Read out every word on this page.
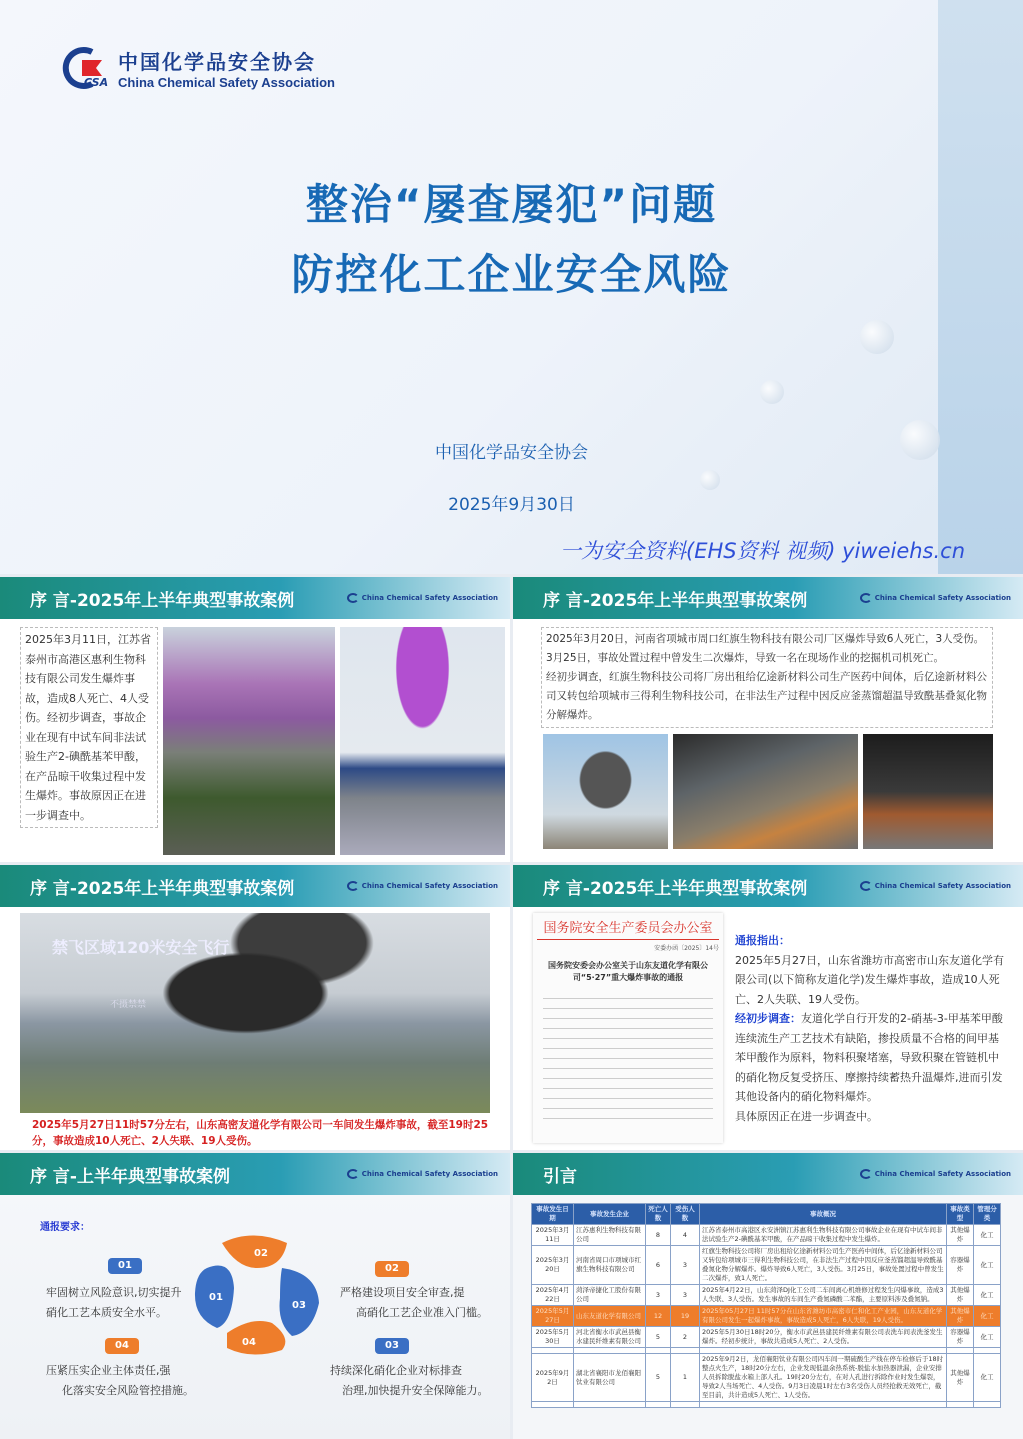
CSA
中国化学品安全协会
China Chemical Safety Association
整治“屡查屡犯”问题
防控化工企业安全风险
中国化学品安全协会
2025年9月30日
序 言-2025年上半年典型事故案例	China Chemical Safety Association
2025年3月11日，江苏省泰州市高港区惠利生物科技有限公司发生爆炸事故，造成8人死亡、4人受伤。经初步调查，事故企业在现有中试车间非法试验生产2-碘酰基苯甲酸，在产品晾干收集过程中发生爆炸。事故原因正在进一步调查中。
序 言-2025年上半年典型事故案例	China Chemical Safety Association
2025年3月20日，河南省项城市周口红旗生物科技有限公司厂区爆炸导致6人死亡，3人受伤。3月25日，事故处置过程中曾发生二次爆炸，导致一名在现场作业的挖掘机司机死亡。
经初步调查，红旗生物科技公司将厂房出租给亿途新材料公司生产医药中间体，后亿途新材料公司又转包给项城市三得利生物科技公司，在非法生产过程中因反应釜蒸馏超温导致酰基叠氮化物分解爆炸。
序 言-2025年上半年典型事故案例	China Chemical Safety Association
禁飞区域120米安全飞行
不摄禁禁
2025年5月27日11时57分左右，山东高密友道化学有限公司一车间发生爆炸事故，截至19时25分，事故造成10人死亡、2人失联、19人受伤。
序 言-2025年上半年典型事故案例	China Chemical Safety Association
国务院安全生产委员会办公室
安委办函〔2025〕14号
国务院安委会办公室关于山东友道化学有限公司“5·27”重大爆炸事故的通报
通报指出：
2025年5月27日，山东省潍坊市高密市山东友道化学有限公司(以下简称友道化学)发生爆炸事故，造成10人死亡、2人失联、19人受伤。
经初步调查：友道化学自行开发的2-硝基-3-甲基苯甲酸连续流生产工艺技术有缺陷，掺投质量不合格的间甲基苯甲酸作为原料，物料积聚堵塞，导致积聚在管链机中的硝化物反复受挤压、摩擦持续蓄热升温爆炸,进而引发其他设备内的硝化物料爆炸。
具体原因正在进一步调查中。
序 言-上半年典型事故案例	China Chemical Safety Association
通报要求：
01
牢固树立风险意识,切实提升
硝化工艺本质安全水平。
02
严格建设项目安全审查,提
高硝化工艺企业准入门槛。
03
持续深化硝化企业对标排查
治理,加快提升安全保障能力。
04
压紧压实企业主体责任,强
化落实安全风险管控措施。
01
02
03
04
引言	China Chemical Safety Association
事故发生日期	事故发生企业	死亡人数	受伤人数	事故概况	事故类型	管理分类
2025年3月11日	江苏惠利生物科技有限公司	8	4	江苏省泰州市高港区永安洲镇江苏惠利生物科技有限公司事故企业在现有中试车间非法试验生产2-碘酰基苯甲酸，在产品晾干收集过程中发生爆炸。	其他爆炸	化工
2025年3月20日	河南省周口市项城市红旗生物科技有限公司	6	3	红旗生物科技公司将厂房出租给亿途新材料公司生产医药中间体，后亿途新材料公司又转包给项城市三得利生物科技公司，在非法生产过程中因反应釜蒸馏超温导致酰基叠氮化物分解爆炸。爆炸导致6人死亡，3人受伤。3月25日，事故处置过程中曾发生二次爆炸，致1人死亡。	容器爆炸	化工
2025年4月22日	菏泽帝捷化工股份有限公司	3	3	2025年4月22日，山东菏泽DJ化工公司二车间离心机维修过程发生闪爆事故，造成3人失联、3人受伤。发生事故的车间生产叠氮磷酸二苯酯，主要原料涉及叠氮钠。	其他爆炸	化工
2025年5月27日	山东友道化学有限公司	12	19	2025年05月27日 11时57分在山东省潍坊市高密市仁和化工产业园，山东友道化学有限公司发生一起爆炸事故，事故造成5人死亡，6人失联，19人受伤。	其他爆炸	化工
2025年5月30日	河北省衡水市武邑县衡水建民纤维素有限公司	5	2	2025年5月30日18时20分，衡水市武邑县建民纤维素有限公司表洗车间表洗釜发生爆炸。经初步统计，事故共造成5人死亡、2人受伤。	容器爆炸	化工

2025年9月2日	湖北省襄阳市龙佰襄阳钛业有限公司	5	1	2025年9月2日，龙佰襄阳钛业有限公司四车间一期硫酸生产线在停车检修后于18时整点火生产，18时20分左右，企业发现低温余热系统-脱盐水加热器泄漏，企业安排人员拆除脱盐水箱上部人孔。19时20分左右，在对人孔进行拆除作业时发生爆裂，导致2人当场死亡、4人受伤。9月3日凌晨1时左右3名受伤人员经抢救无效死亡，截至目前，共计造成5人死亡、1人受伤。	其他爆炸	化工

一为安全资料(EHS资料 视频) yiweiehs.cn
